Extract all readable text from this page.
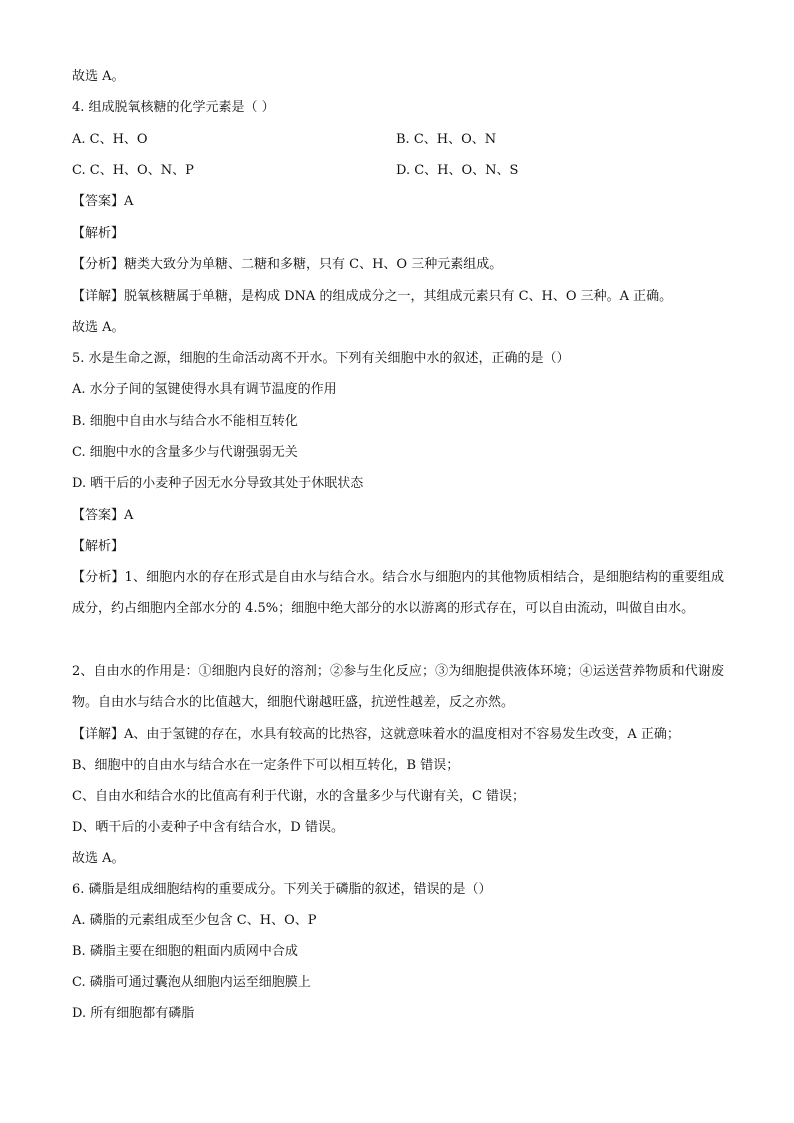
故选 A。
4. 组成脱氧核糖的化学元素是（ ）
A. C、H、O	B. C、H、O、N
C. C、H、O、N、P	D. C、H、O、N、S
【答案】A
【解析】
【分析】糖类大致分为单糖、二糖和多糖，只有 C、H、O 三种元素组成。
【详解】脱氧核糖属于单糖，是构成 DNA 的组成成分之一，其组成元素只有 C、H、O 三种。A 正确。
故选 A。
5. 水是生命之源，细胞的生命活动离不开水。下列有关细胞中水的叙述，正确的是（）
A. 水分子间的氢键使得水具有调节温度的作用
B. 细胞中自由水与结合水不能相互转化
C. 细胞中水的含量多少与代谢强弱无关
D. 晒干后的小麦种子因无水分导致其处于休眠状态
【答案】A
【解析】
【分析】1、细胞内水的存在形式是自由水与结合水。结合水与细胞内的其他物质相结合，是细胞结构的重要组成成分，约占细胞内全部水分的 4.5%；细胞中绝大部分的水以游离的形式存在，可以自由流动，叫做自由水。
2、自由水的作用是：①细胞内良好的溶剂；②参与生化反应；③为细胞提供液体环境；④运送营养物质和代谢废物。自由水与结合水的比值越大，细胞代谢越旺盛，抗逆性越差，反之亦然。
【详解】A、由于氢键的存在，水具有较高的比热容，这就意味着水的温度相对不容易发生改变，A 正确；
B、细胞中的自由水与结合水在一定条件下可以相互转化，B 错误；
C、自由水和结合水的比值高有利于代谢，水的含量多少与代谢有关，C 错误；
D、晒干后的小麦种子中含有结合水，D 错误。
故选 A。
6. 磷脂是组成细胞结构的重要成分。下列关于磷脂的叙述，错误的是（）
A. 磷脂的元素组成至少包含 C、H、O、P
B. 磷脂主要在细胞的粗面内质网中合成
C. 磷脂可通过囊泡从细胞内运至细胞膜上
D. 所有细胞都有磷脂
